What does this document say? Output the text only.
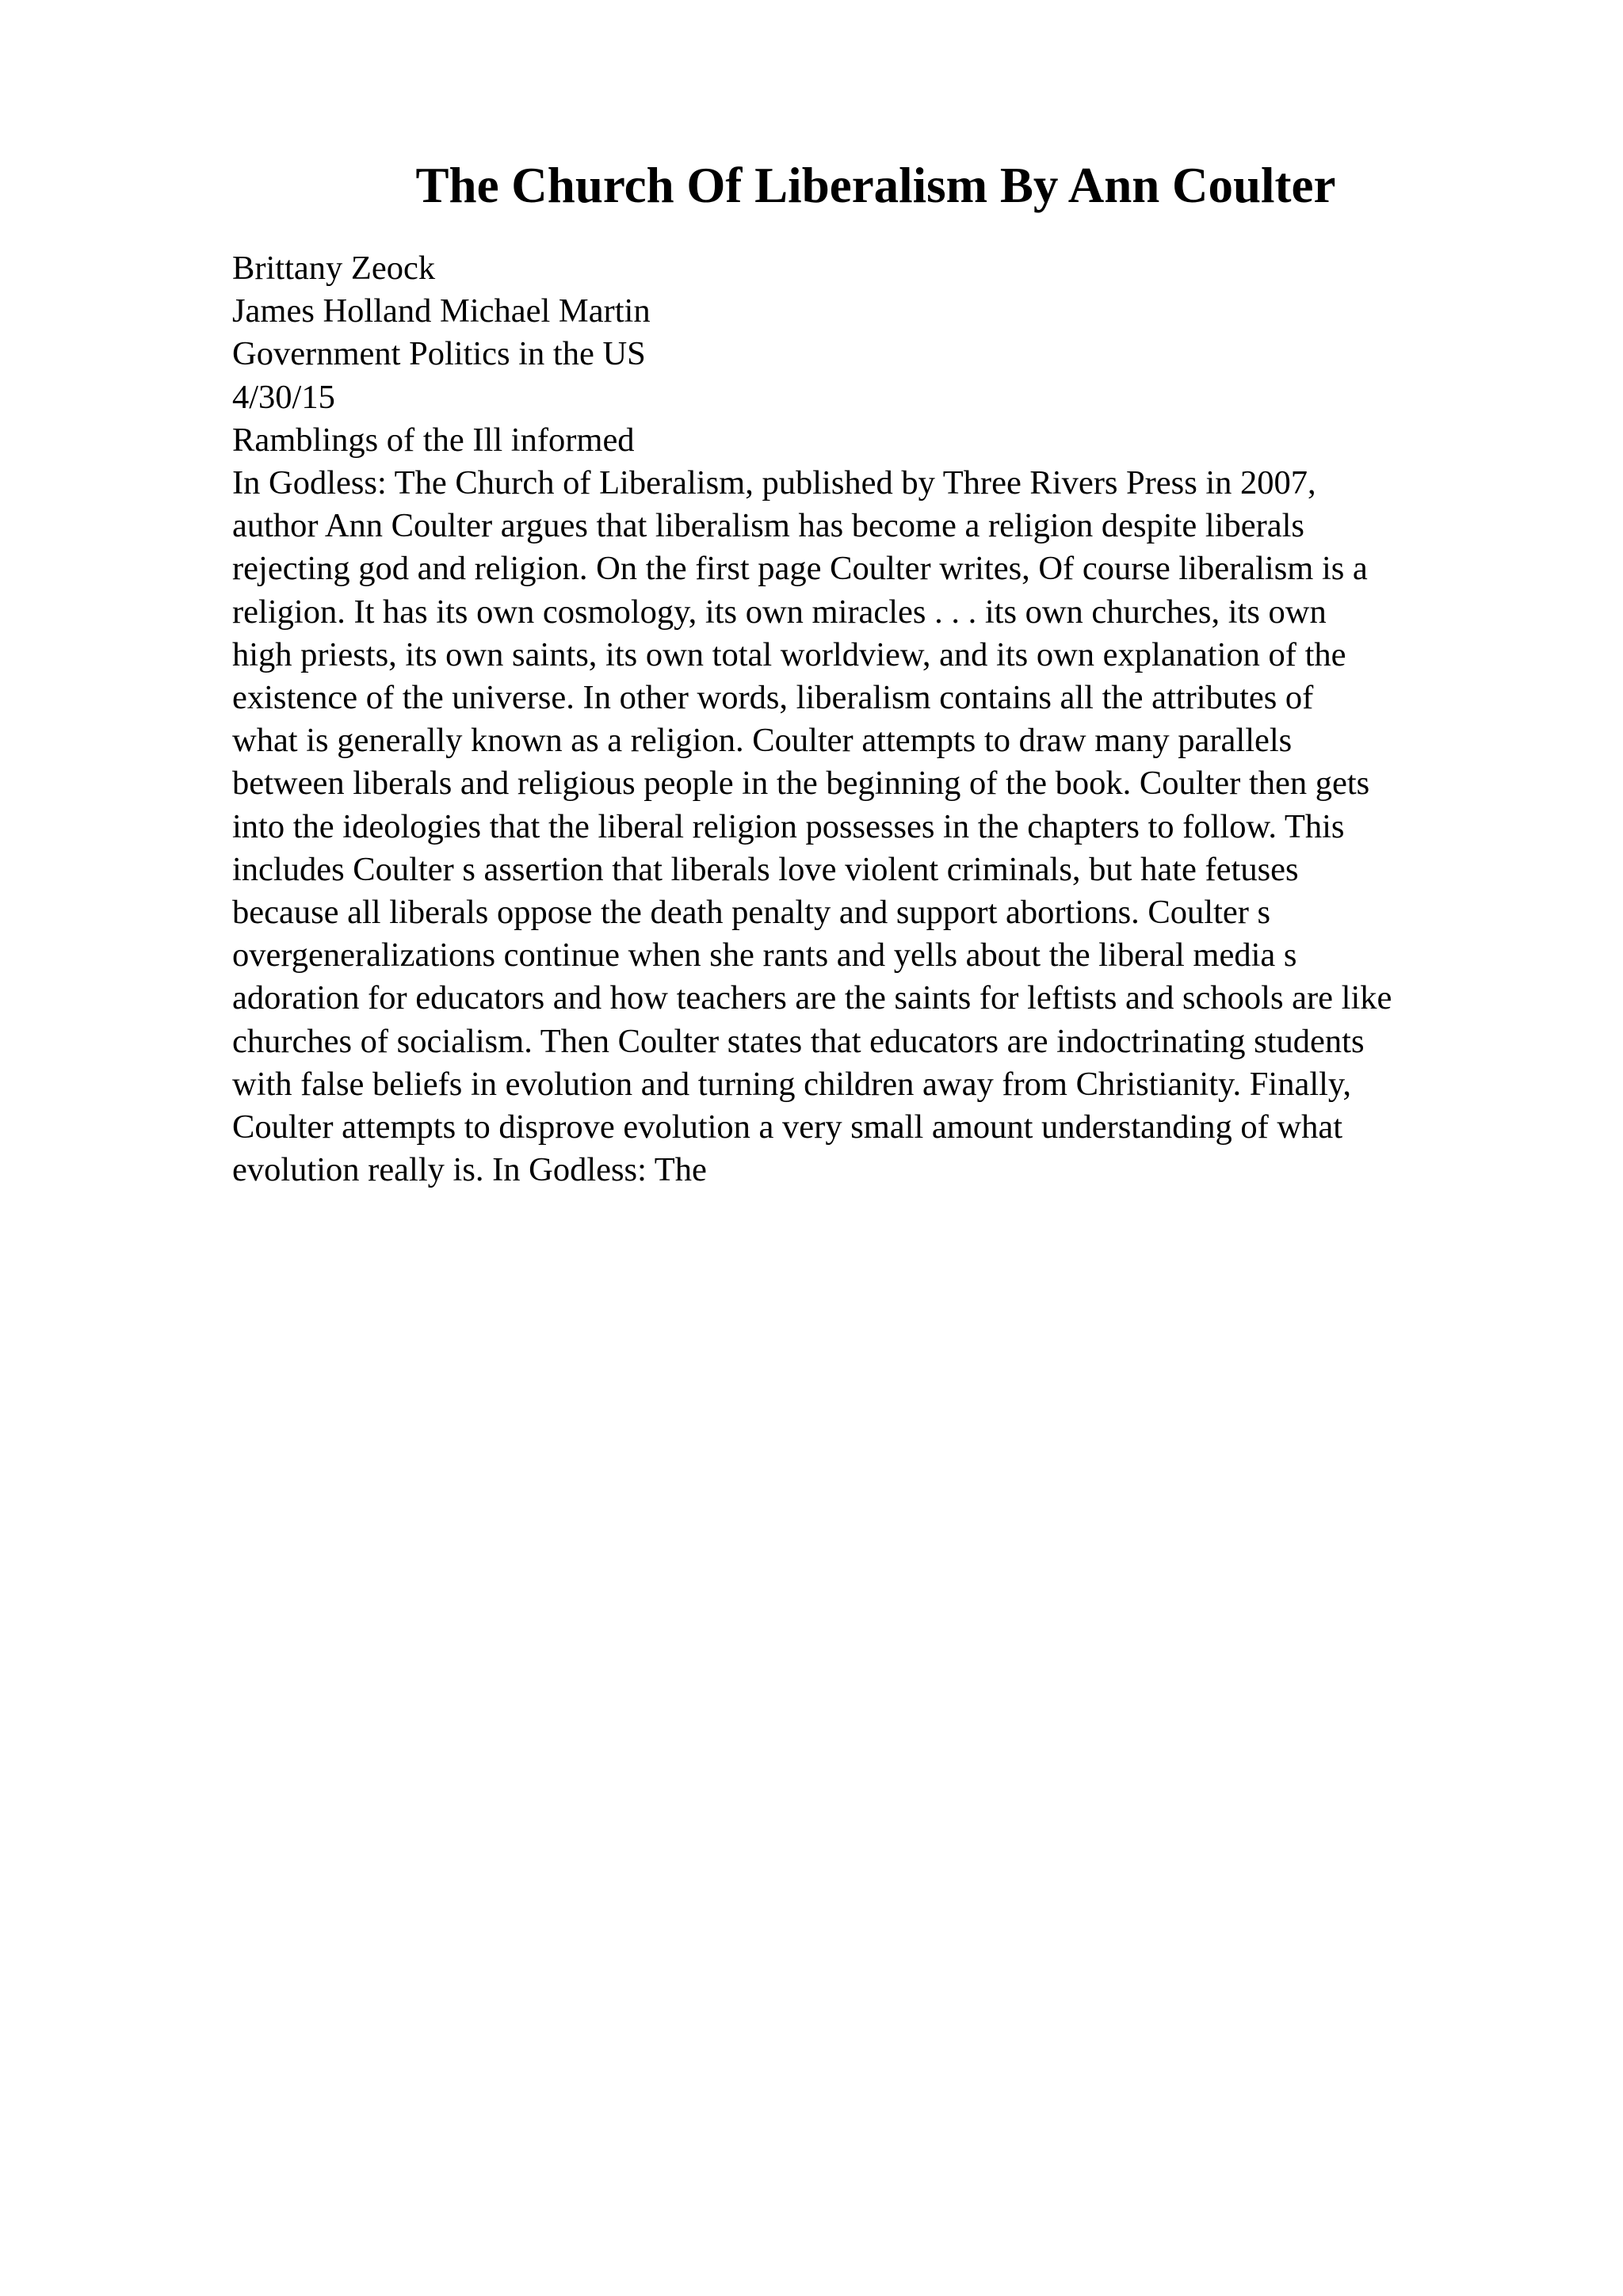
The Church Of Liberalism By Ann Coulter
Brittany Zeock
James Holland Michael Martin
Government Politics in the US
4/30/15
Ramblings of the Ill informed
In Godless: The Church of Liberalism, published by Three Rivers Press in 2007,
author Ann Coulter argues that liberalism has become a religion despite liberals
rejecting god and religion. On the first page Coulter writes, Of course liberalism is a
religion. It has its own cosmology, its own miracles . . . its own churches, its own
high priests, its own saints, its own total worldview, and its own explanation of the
existence of the universe. In other words, liberalism contains all the attributes of
what is generally known as a religion. Coulter attempts to draw many parallels
between liberals and religious people in the beginning of the book. Coulter then gets
into the ideologies that the liberal religion possesses in the chapters to follow. This
includes Coulter s assertion that liberals love violent criminals, but hate fetuses
because all liberals oppose the death penalty and support abortions. Coulter s
overgeneralizations continue when she rants and yells about the liberal media s
adoration for educators and how teachers are the saints for leftists and schools are like
churches of socialism. Then Coulter states that educators are indoctrinating students
with false beliefs in evolution and turning children away from Christianity. Finally,
Coulter attempts to disprove evolution a very small amount understanding of what
evolution really is. In Godless: The
